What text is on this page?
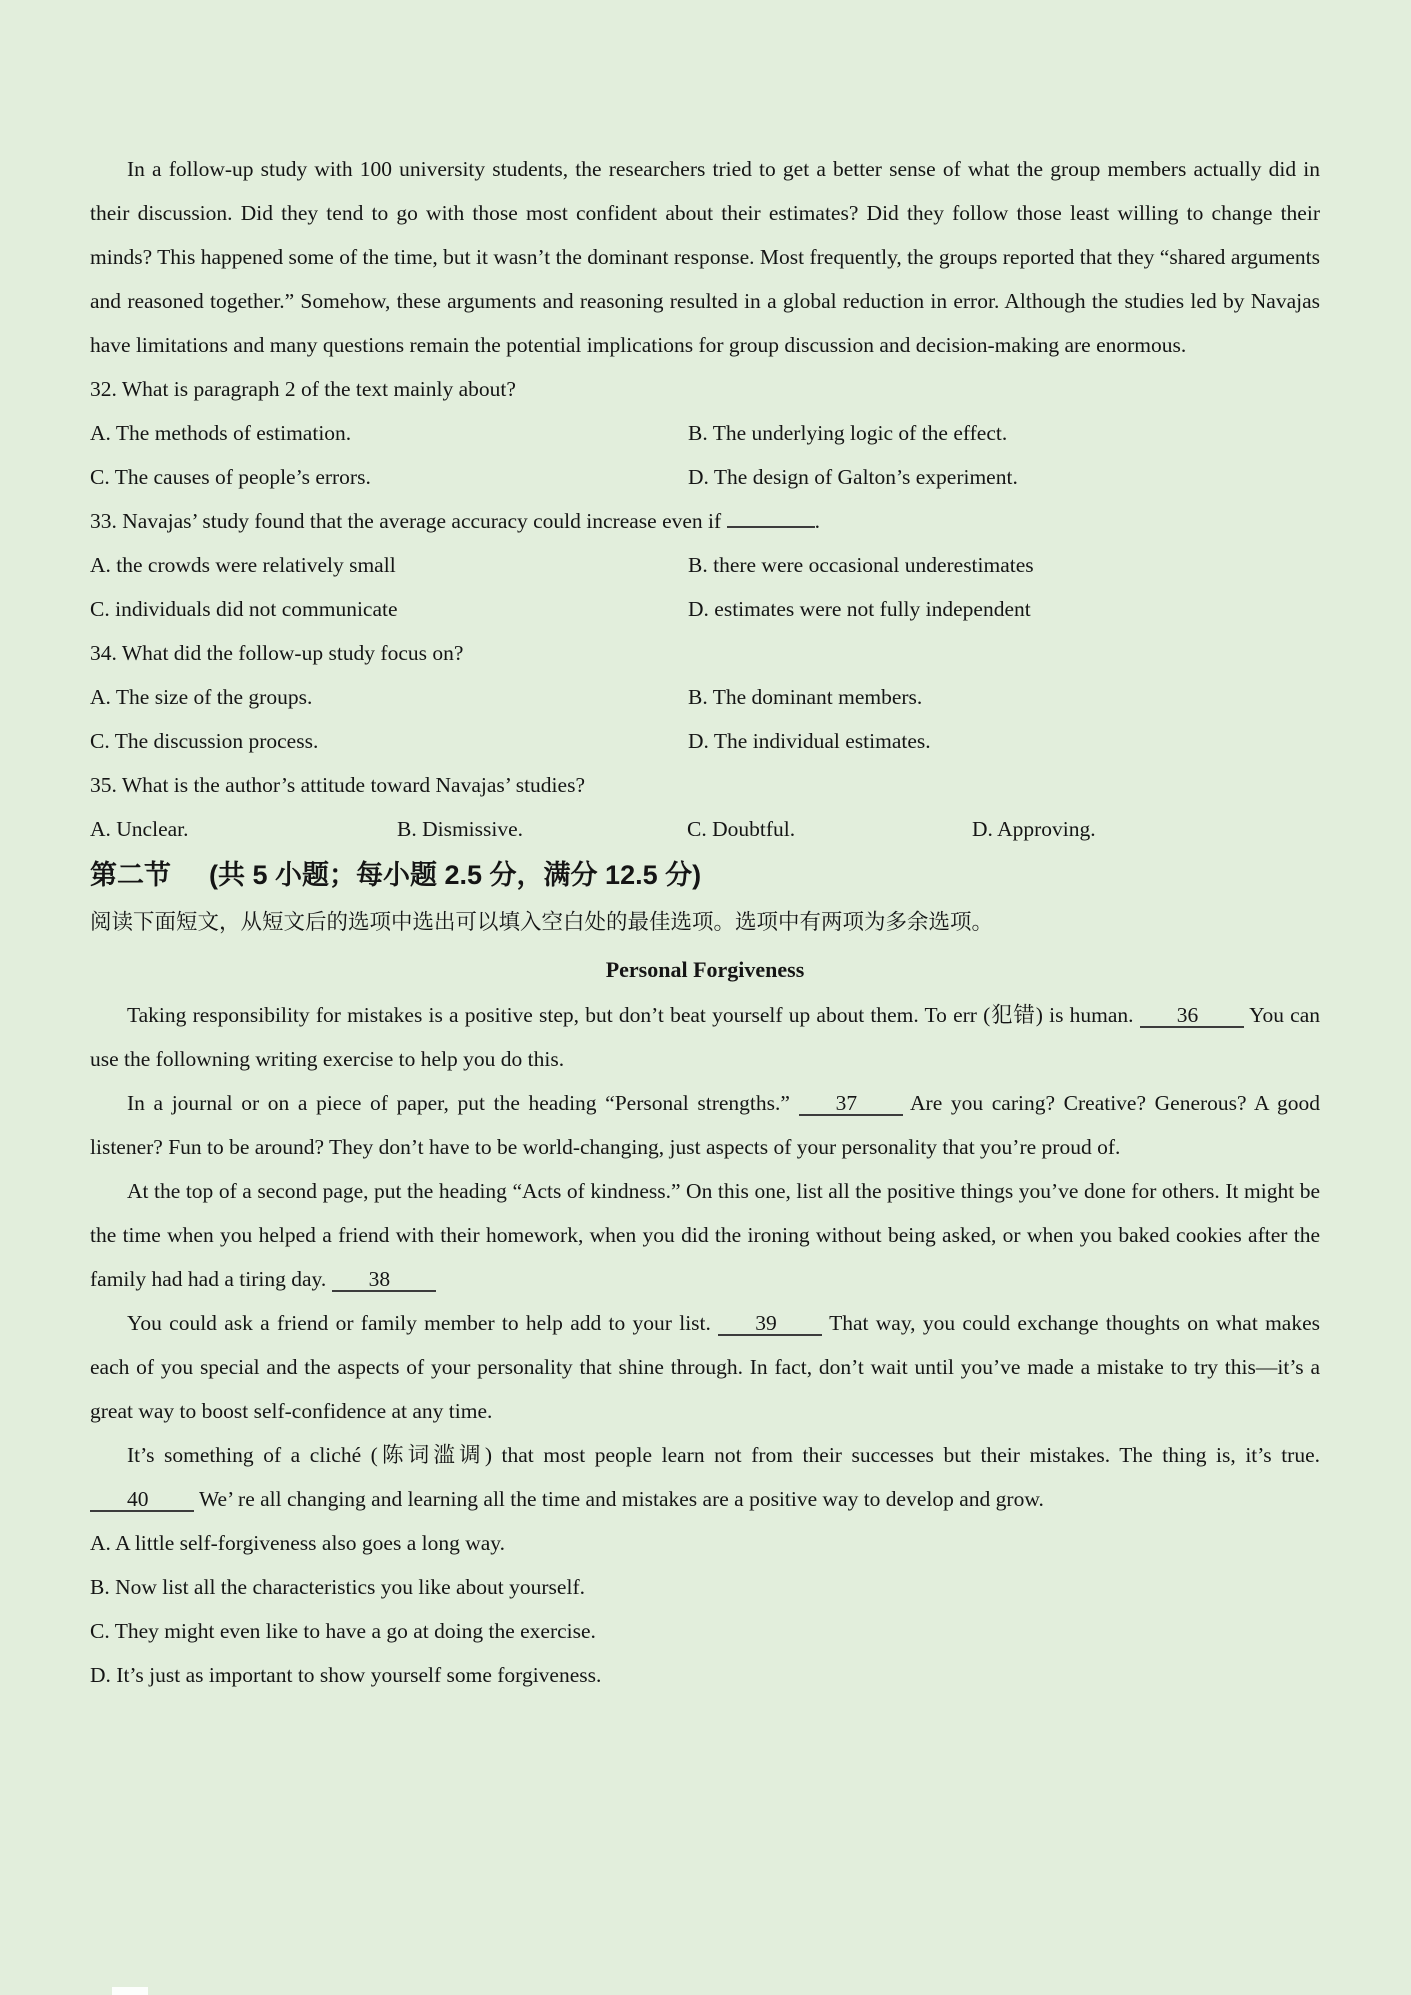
In a follow-up study with 100 university students, the researchers tried to get a better sense of what the group members actually did in their discussion. Did they tend to go with those most confident about their estimates? Did they follow those least willing to change their minds? This happened some of the time, but it wasn’t the dominant response. Most frequently, the groups reported that they “shared arguments and reasoned together.” Somehow, these arguments and reasoning resulted in a global reduction in error. Although the studies led by Navajas have limitations and many questions remain the potential implications for group discussion and decision-making are enormous.

32. What is paragraph 2 of the text mainly about?
A. The methods of estimation.	B. The underlying logic of the effect.
C. The causes of people’s errors.	D. The design of Galton’s experiment.
33. Navajas’ study found that the average accuracy could increase even if	.
A. the crowds were relatively small	B. there were occasional underestimates
C. individuals did not communicate	D. estimates were not fully independent
34. What did the follow-up study focus on?
A. The size of the groups.	B. The dominant members.
C. The discussion process.	D. The individual estimates.
35. What is the author’s attitude toward Navajas’ studies?
A. Unclear.	B. Dismissive.	C. Doubtful.	D. Approving.
第二节 (共 5 小题；每小题 2.5 分，满分 12.5 分)
阅读下面短文，从短文后的选项中选出可以填入空白处的最佳选项。选项中有两项为多余选项。
Personal Forgiveness

Taking responsibility for mistakes is a positive step, but don’t beat yourself up about them. To err (犯错) is human. 36 You can use the followning writing exercise to help you do this.

In a journal or on a piece of paper, put the heading “Personal strengths.” 37 Are you caring? Creative? Generous? A good listener? Fun to be around? They don’t have to be world-changing, just aspects of your personality that you’re proud of.

At the top of a second page, put the heading “Acts of kindness.” On this one, list all the positive things you’ve done for others. It might be the time when you helped a friend with their homework, when you did the ironing without being asked, or when you baked cookies after the family had had a tiring day. 38

You could ask a friend or family member to help add to your list. 39 That way, you could exchange thoughts on what makes each of you special and the aspects of your personality that shine through. In fact, don’t wait until you’ve made a mistake to try this—it’s a great way to boost self-confidence at any time.

It’s something of a cliché (陈词滥调) that most people learn not from their successes but their mistakes. The thing is, it’s true. 40 We’ re all changing and learning all the time and mistakes are a positive way to develop and grow.

A. A little self-forgiveness also goes a long way.
B. Now list all the characteristics you like about yourself.
C. They might even like to have a go at doing the exercise.
D. It’s just as important to show yourself some forgiveness.
